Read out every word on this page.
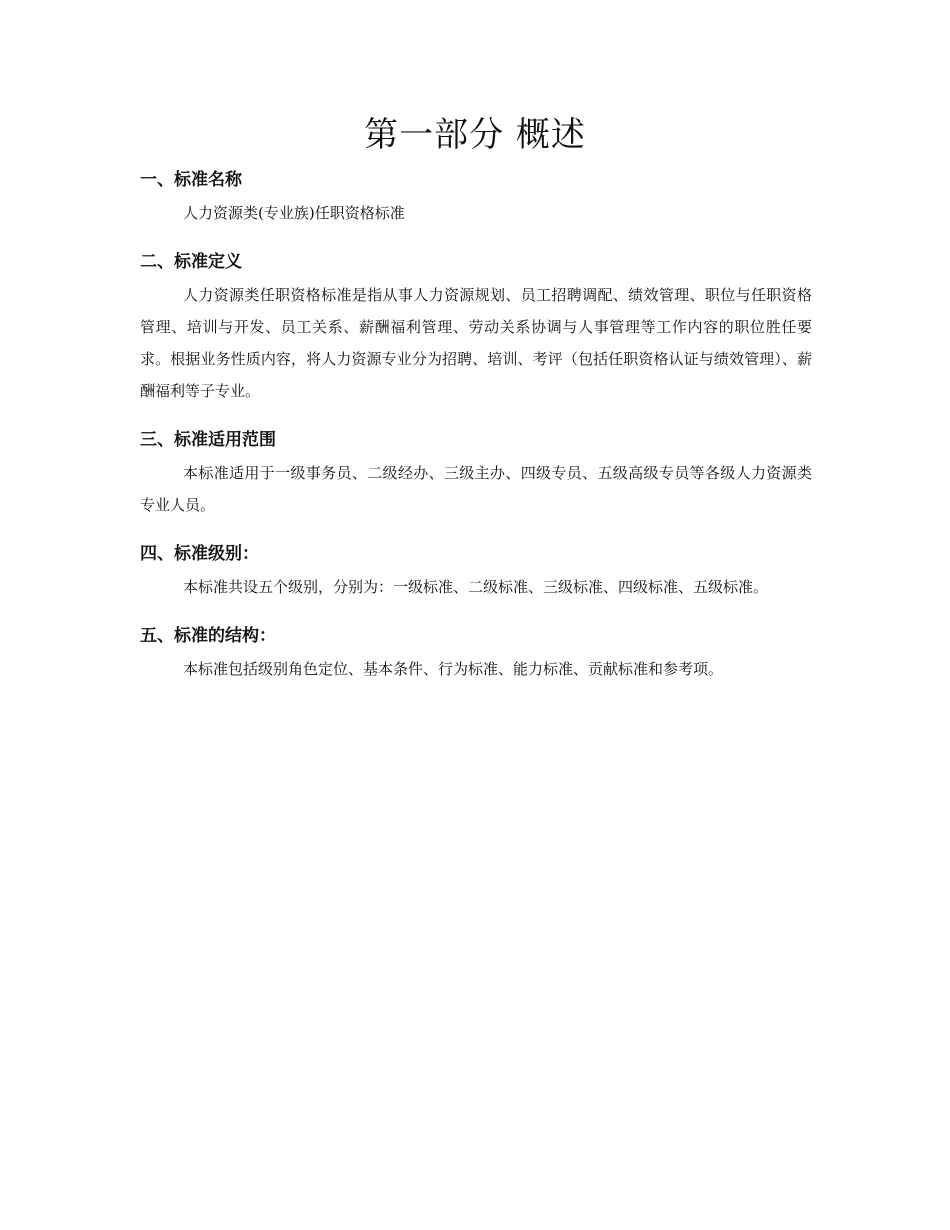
第一部分 概述

一、标准名称

人力资源类(专业族)任职资格标准

二、标准定义

人力资源类任职资格标准是指从事人力资源规划、员工招聘调配、绩效管理、职位与任职资格管理、培训与开发、员工关系、薪酬福利管理、劳动关系协调与人事管理等工作内容的职位胜任要求。根据业务性质内容，将人力资源专业分为招聘、培训、考评（包括任职资格认证与绩效管理）、薪酬福利等子专业。

三、标准适用范围

本标准适用于一级事务员、二级经办、三级主办、四级专员、五级高级专员等各级人力资源类专业人员。

四、标准级别：

本标准共设五个级别，分别为：一级标准、二级标准、三级标准、四级标准、五级标准。

五、标准的结构：

本标准包括级别角色定位、基本条件、行为标准、能力标准、贡献标准和参考项。
